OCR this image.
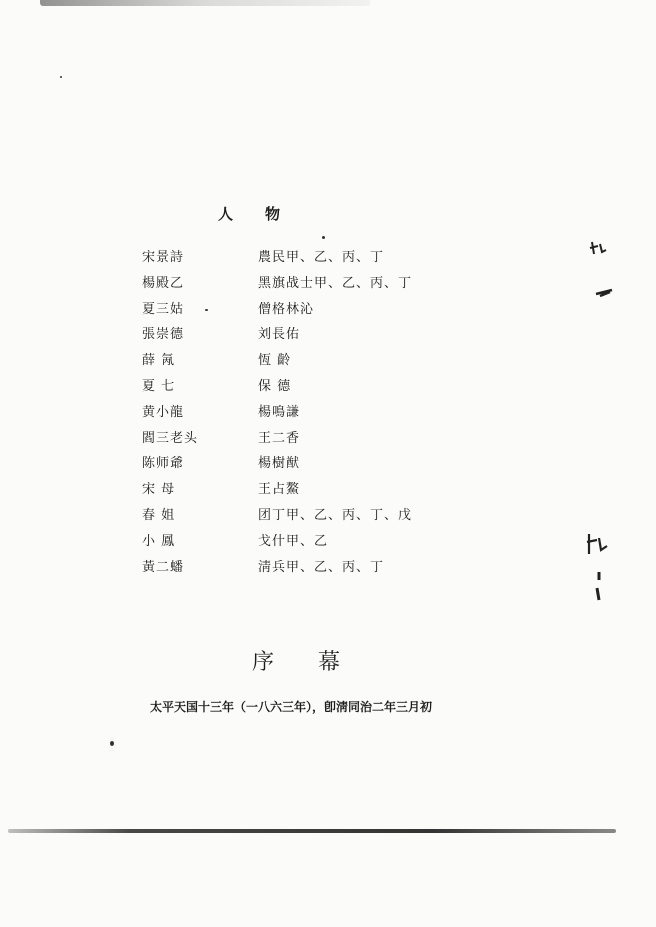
人 物
宋景詩	農民甲、乙、丙、丁
楊殿乙	黑旗战士甲、乙、丙、丁
夏三姑	僧格林沁
張崇德	刘長佑
薛 氝	恆 齡
夏 七	保 德
黄小龍	楊鳴謙
閻三老头	王二香
陈师爺	楊樹猷
宋 母	王占鰲
春 姐	团丁甲、乙、丙、丁、戊
小 鳳	戈什甲、乙
黃二蟠	淸兵甲、乙、丙、丁
序 幕
太平天国十三年（一八六三年），卽淸同治二年三月初
